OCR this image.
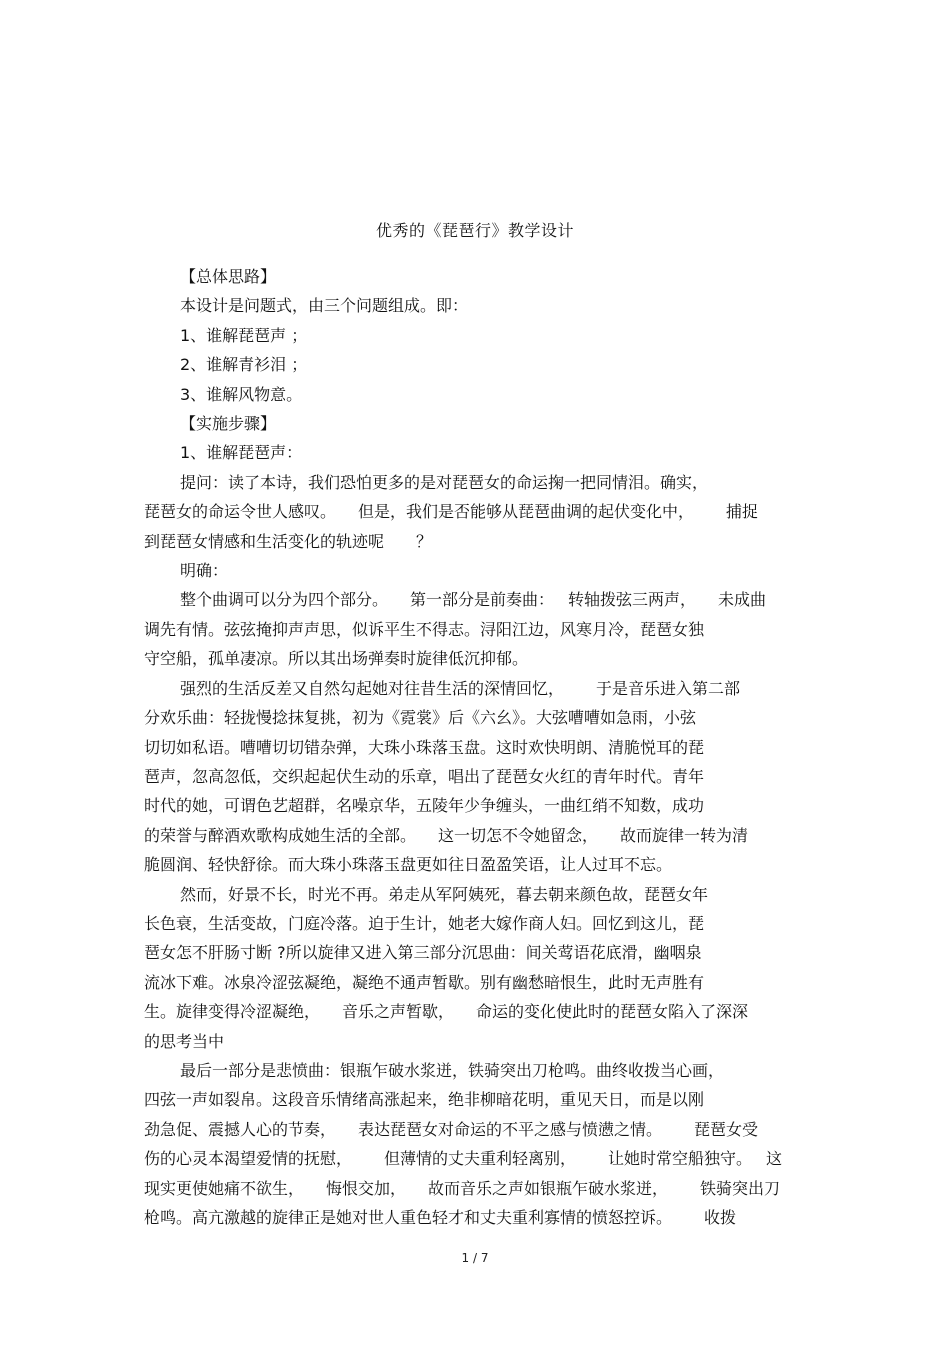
优秀的《琵琶行》教学设计
【总体思路】
本设计是问题式，由三个问题组成。即：
1、谁解琵琶声 ；
2、谁解青衫泪 ；
3、谁解风物意。
【实施步骤】
1、谁解琵琶声：
提问：读了本诗，我们恐怕更多的是对琵琶女的命运掬一把同情泪。确实，
琵琶女的命运令世人感叹。 但是，我们是否能够从琵琶曲调的起伏变化中， 捕捉
到琵琶女情感和生活变化的轨迹呢 ？
明确：
整个曲调可以分为四个部分。 第一部分是前奏曲： 转轴拨弦三两声， 未成曲
调先有情。弦弦掩抑声声思，似诉平生不得志。浔阳江边，风寒月冷，琵琶女独
守空船，孤单凄凉。所以其出场弹奏时旋律低沉抑郁。
强烈的生活反差又自然勾起她对往昔生活的深情回忆， 于是音乐进入第二部
分欢乐曲：轻拢慢捻抹复挑，初为《霓裳》后《六幺》。大弦嘈嘈如急雨，小弦
切切如私语。嘈嘈切切错杂弹，大珠小珠落玉盘。这时欢快明朗、清脆悦耳的琵
琶声，忽高忽低，交织起起伏生动的乐章，唱出了琵琶女火红的青年时代。青年
时代的她，可谓色艺超群，名噪京华，五陵年少争缠头，一曲红绡不知数，成功
的荣誉与醉酒欢歌构成她生活的全部。 这一切怎不令她留念， 故而旋律一转为清
脆圆润、轻快舒徐。而大珠小珠落玉盘更如往日盈盈笑语，让人过耳不忘。
然而，好景不长，时光不再。弟走从军阿姨死，暮去朝来颜色故，琵琶女年
长色衰，生活变故，门庭冷落。迫于生计，她老大嫁作商人妇。回忆到这儿，琵
琶女怎不肝肠寸断 ?所以旋律又进入第三部分沉思曲：间关莺语花底滑，幽咽泉
流冰下难。冰泉冷涩弦凝绝，凝绝不通声暂歇。别有幽愁暗恨生，此时无声胜有
生。旋律变得冷涩凝绝， 音乐之声暂歇， 命运的变化使此时的琵琶女陷入了深深
的思考当中
最后一部分是悲愤曲：银瓶乍破水浆迸，铁骑突出刀枪鸣。曲终收拨当心画，
四弦一声如裂帛。这段音乐情绪高涨起来，绝非柳暗花明，重见天日，而是以刚
劲急促、震撼人心的节奏， 表达琵琶女对命运的不平之感与愤懑之情。 琵琶女受
伤的心灵本渴望爱情的抚慰， 但薄情的丈夫重利轻离别， 让她时常空船独守。 这
现实更使她痛不欲生， 悔恨交加， 故而音乐之声如银瓶乍破水浆迸， 铁骑突出刀
枪鸣。高亢激越的旋律正是她对世人重色轻才和丈夫重利寡情的愤怒控诉。 收拨
1 / 7
